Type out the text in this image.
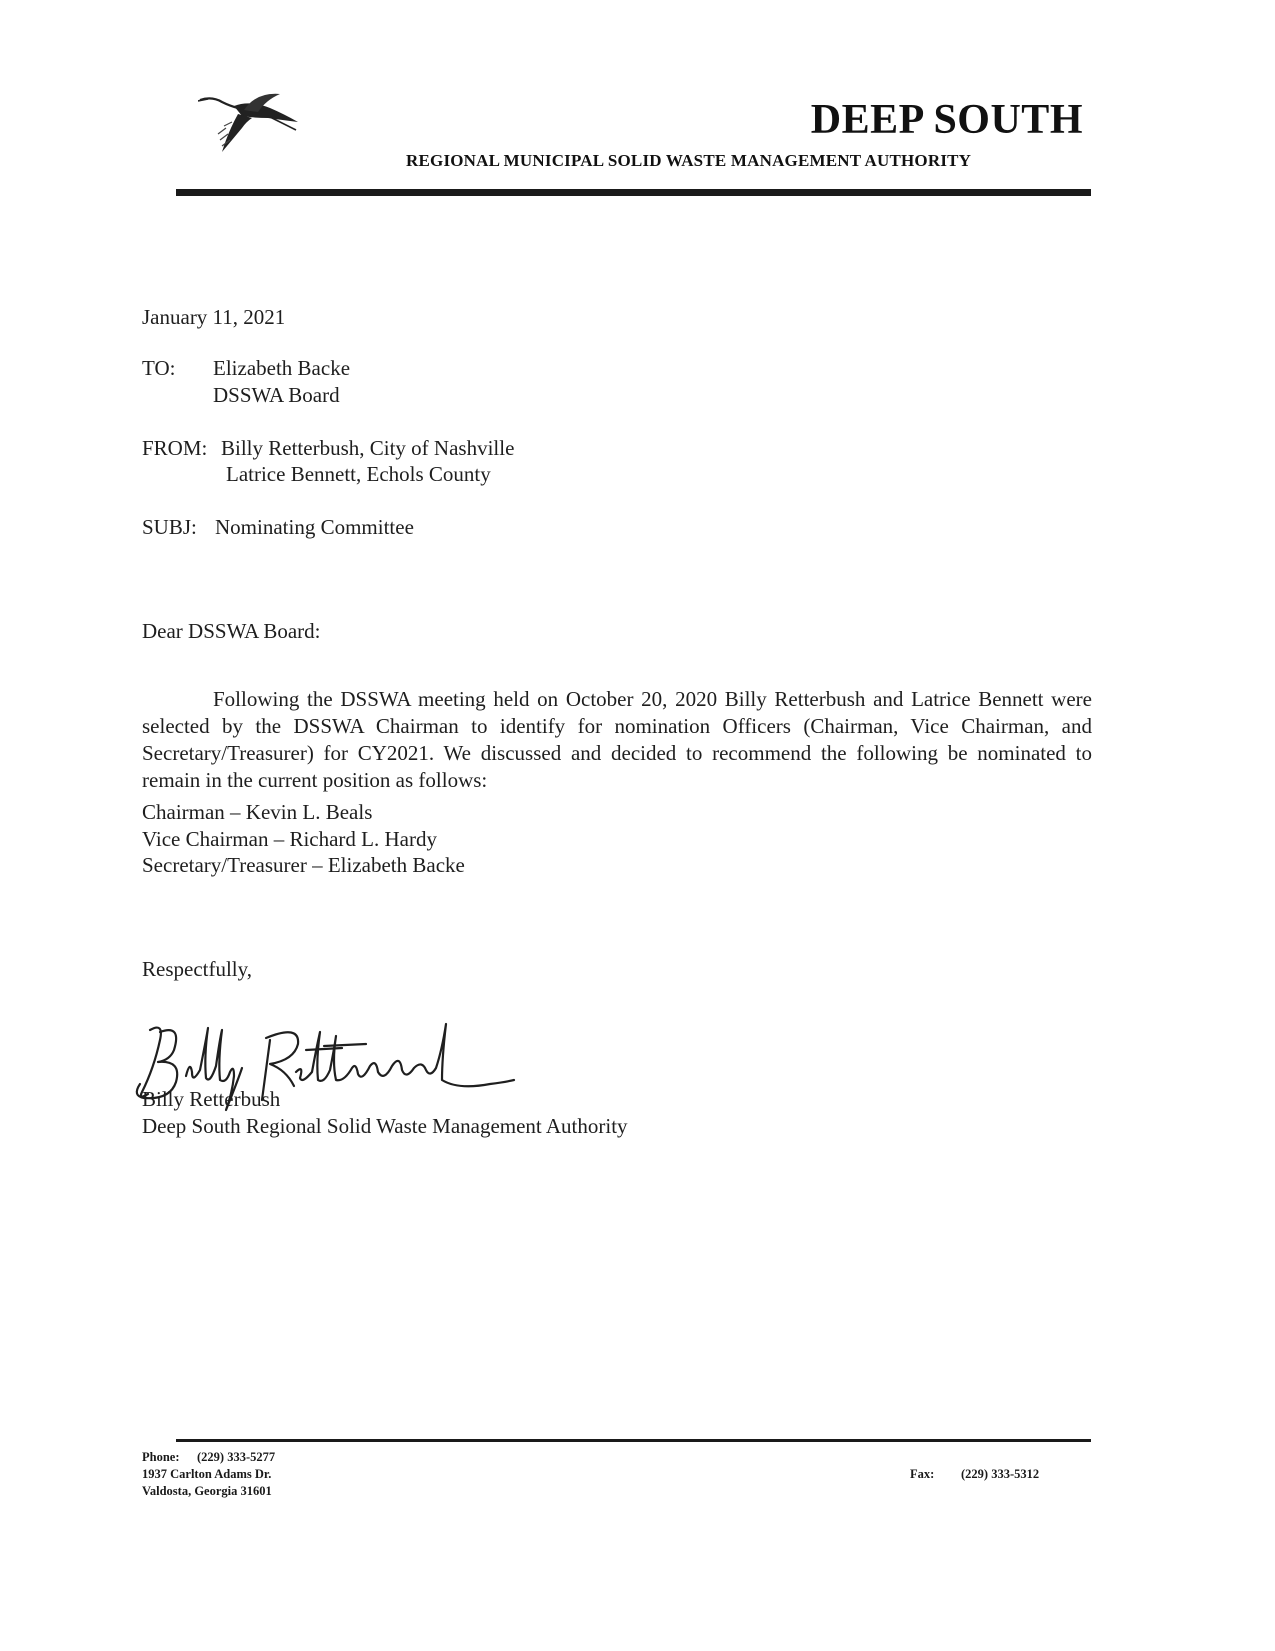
DEEP SOUTH
REGIONAL MUNICIPAL SOLID WASTE MANAGEMENT AUTHORITY
January 11, 2021
TO: Elizabeth Backe
DSSWA Board
FROM: Billy Retterbush, City of Nashville
Latrice Bennett, Echols County
SUBJ: Nominating Committee
Dear DSSWA Board:
Following the DSSWA meeting held on October 20, 2020 Billy Retterbush and Latrice Bennett were selected by the DSSWA Chairman to identify for nomination Officers (Chairman, Vice Chairman, and Secretary/Treasurer) for CY2021. We discussed and decided to recommend the following be nominated to remain in the current position as follows:
Chairman – Kevin L. Beals
Vice Chairman – Richard L. Hardy
Secretary/Treasurer – Elizabeth Backe
Respectfully,
Billy Retterbush
Deep South Regional Solid Waste Management Authority
Phone: (229) 333-5277
1937 Carlton Adams Dr.
Valdosta, Georgia 31601
Fax: (229) 333-5312
